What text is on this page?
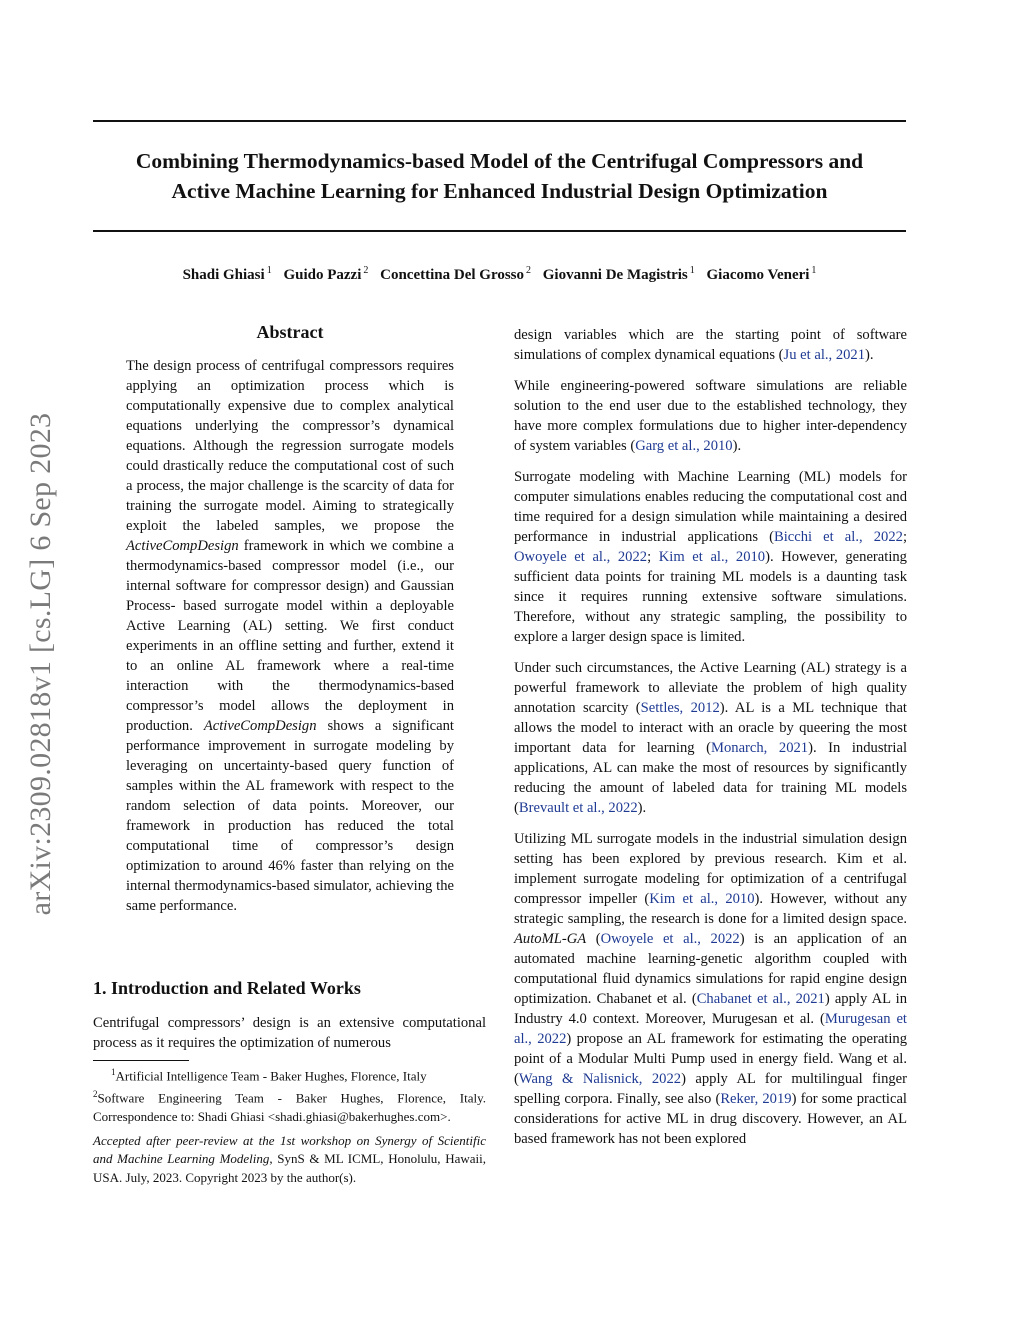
Combining Thermodynamics-based Model of the Centrifugal Compressors and
Active Machine Learning for Enhanced Industrial Design Optimization
Shadi Ghiasi $^1$ Guido Pazzi $^2$ Concettina Del Grosso $^2$ Giovanni De Magistris $^1$ Giacomo Veneri $^1$
arXiv:2309.02818v1 [cs.LG] 6 Sep 2023
Abstract

The design process of centrifugal compressors requires applying an optimization process which is computationally expensive due to complex analytical equations underlying the compressor’s dynamical equations. Although the regression surrogate models could drastically reduce the computational cost of such a process, the major challenge is the scarcity of data for training the surrogate model. Aiming to strategically exploit the labeled samples, we propose the ActiveCompDesign framework in which we combine a thermodynamics-based compressor model (i.e., our internal software for compressor design) and Gaussian Process- based surrogate model within a deployable Active Learning (AL) setting. We first conduct experiments in an offline setting and further, extend it to an online AL framework where a real-time interaction with the thermodynamics-based compressor’s model allows the deployment in production. ActiveCompDesign shows a significant performance improvement in surrogate modeling by leveraging on uncertainty-based query function of samples within the AL framework with respect to the random selection of data points. Moreover, our framework in production has reduced the total computational time of compressor’s design optimization to around 46% faster than relying on the internal thermodynamics-based simulator, achieving the same performance.

1. Introduction and Related Works

Centrifugal compressors’ design is an extensive computational process as it requires the optimization of numerous

$^1$Artificial Intelligence Team - Baker Hughes, Florence, Italy

$^2$Software Engineering Team - Baker Hughes, Florence, Italy. Correspondence to: Shadi Ghiasi <shadi.ghiasi@bakerhughes.com>.

Accepted after peer-review at the 1st workshop on Synergy of Scientific and Machine Learning Modeling, SynS & ML ICML, Honolulu, Hawaii, USA. July, 2023. Copyright 2023 by the author(s).

design variables which are the starting point of software simulations of complex dynamical equations (Ju et al., 2021).

While engineering-powered software simulations are reliable solution to the end user due to the established technology, they have more complex formulations due to higher inter-dependency of system variables (Garg et al., 2010).

Surrogate modeling with Machine Learning (ML) models for computer simulations enables reducing the computational cost and time required for a design simulation while maintaining a desired performance in industrial applications (Bicchi et al., 2022; Owoyele et al., 2022; Kim et al., 2010). However, generating sufficient data points for training ML models is a daunting task since it requires running extensive software simulations. Therefore, without any strategic sampling, the possibility to explore a larger design space is limited.

Under such circumstances, the Active Learning (AL) strategy is a powerful framework to alleviate the problem of high quality annotation scarcity (Settles, 2012). AL is a ML technique that allows the model to interact with an oracle by queering the most important data for learning (Monarch, 2021). In industrial applications, AL can make the most of resources by significantly reducing the amount of labeled data for training ML models (Brevault et al., 2022).

Utilizing ML surrogate models in the industrial simulation design setting has been explored by previous research. Kim et al. implement surrogate modeling for optimization of a centrifugal compressor impeller (Kim et al., 2010). However, without any strategic sampling, the research is done for a limited design space. AutoML-GA (Owoyele et al., 2022) is an application of an automated machine learning-genetic algorithm coupled with computational fluid dynamics simulations for rapid engine design optimization. Chabanet et al. (Chabanet et al., 2021) apply AL in Industry 4.0 context. Moreover, Murugesan et al. (Murugesan et al., 2022) propose an AL framework for estimating the operating point of a Modular Multi Pump used in energy field. Wang et al. (Wang & Nalisnick, 2022) apply AL for multilingual finger spelling corpora. Finally, see also (Reker, 2019) for some practical considerations for active ML in drug discovery. However, an AL based framework has not been explored
